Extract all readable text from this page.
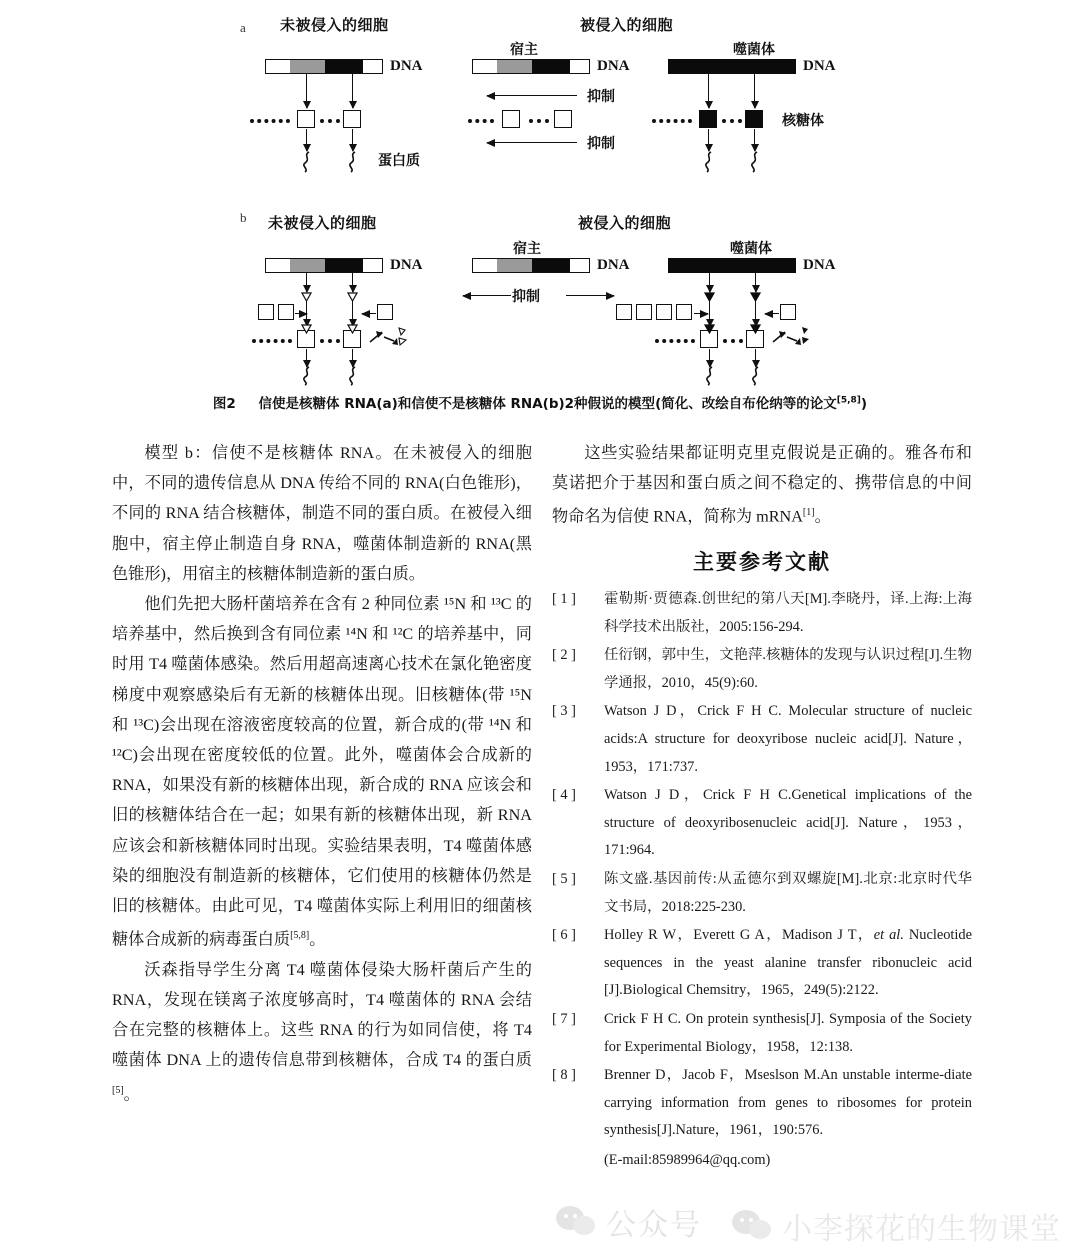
a 未被侵入的细胞	被侵入的细胞
宿主	噬菌体
DNA
蛋白质
DNA
抑制
抑制
DNA
核糖体
b 未被侵入的细胞	被侵入的细胞
宿主	噬菌体
DNA	DNA
抑制
DNA
图2 信使是核糖体 RNA(a)和信使不是核糖体 RNA(b)2种假说的模型(简化、改绘自布伦纳等的论文[5,8])

模型 b：信使不是核糖体 RNA。在未被侵入的细胞中，不同的遗传信息从 DNA 传给不同的 RNA(白色锥形)，不同的 RNA 结合核糖体，制造不同的蛋白质。在被侵入细胞中，宿主停止制造自身 RNA，噬菌体制造新的 RNA(黑色锥形)，用宿主的核糖体制造新的蛋白质。

他们先把大肠杆菌培养在含有 2 种同位素 ¹⁵N 和 ¹³C 的培养基中，然后换到含有同位素 ¹⁴N 和 ¹²C 的培养基中，同时用 T4 噬菌体感染。然后用超高速离心技术在氯化铯密度梯度中观察感染后有无新的核糖体出现。旧核糖体(带 ¹⁵N 和 ¹³C)会出现在溶液密度较高的位置，新合成的(带 ¹⁴N 和 ¹²C)会出现在密度较低的位置。此外，噬菌体会合成新的 RNA，如果没有新的核糖体出现，新合成的 RNA 应该会和旧的核糖体结合在一起；如果有新的核糖体出现，新 RNA 应该会和新核糖体同时出现。实验结果表明，T4 噬菌体感染的细胞没有制造新的核糖体，它们使用的核糖体仍然是旧的核糖体。由此可见，T4 噬菌体实际上利用旧的细菌核糖体合成新的病毒蛋白质[5,8]。

沃森指导学生分离 T4 噬菌体侵染大肠杆菌后产生的 RNA，发现在镁离子浓度够高时，T4 噬菌体的 RNA 会结合在完整的核糖体上。这些 RNA 的行为如同信使，将 T4 噬菌体 DNA 上的遗传信息带到核糖体，合成 T4 的蛋白质[5]。

这些实验结果都证明克里克假说是正确的。雅各布和莫诺把介于基因和蛋白质之间不稳定的、携带信息的中间物命名为信使 RNA，简称为 mRNA[1]。

主要参考文献
[ 1 ]	霍勒斯·贾德森.创世纪的第八天[M].李晓丹，译.上海:上海科学技术出版社，2005:156-294.
[ 2 ]	任衍钢，郭中生，文艳萍.核糖体的发现与认识过程[J].生物学通报，2010，45(9):60.
[ 3 ]	Watson J D，Crick F H C. Molecular structure of nucleic acids:A structure for deoxyribose nucleic acid[J]. Nature，1953，171:737.
[ 4 ]	Watson J D，Crick F H C.Genetical implications of the structure of deoxyribosenucleic acid[J]. Nature，1953，171:964.
[ 5 ]	陈文盛.基因前传:从孟德尔到双螺旋[M].北京:北京时代华文书局，2018:225-230.
[ 6 ]	Holley R W，Everett G A，Madison J T，et al. Nucleotide sequences in the yeast alanine transfer ribonucleic acid [J].Biological Chemsitry，1965，249(5):2122.
[ 7 ]	Crick F H C. On protein synthesis[J]. Symposia of the Society for Experimental Biology，1958，12:138.
[ 8 ]	Brenner D，Jacob F，Mseslson M.An unstable interme-diate carrying information from genes to ribosomes for protein synthesis[J].Nature，1961，190:576.
(E-mail:85989964@qq.com)
公众号	小李探花的生物课堂
